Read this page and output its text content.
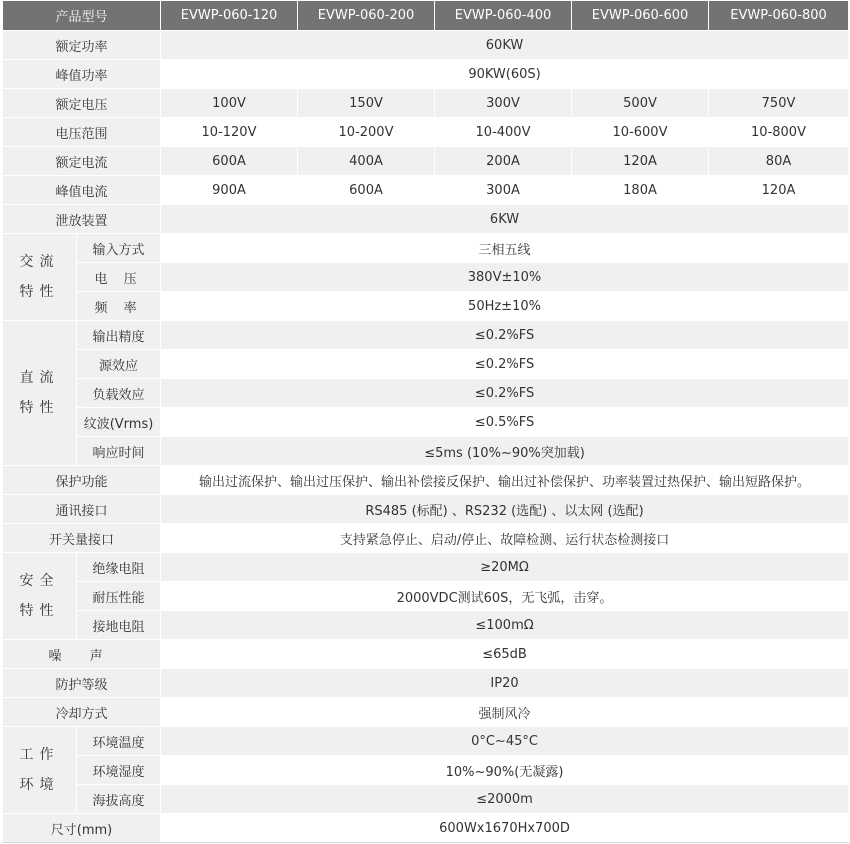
产品型号		EVWP-060-120	EVWP-060-200	EVWP-060-400	EVWP-060-600	EVWP-060-800
额定功率		60KW				
峰值功率		90KW(60S)				
额定电压		100V	150V	300V	500V	750V
电压范围		10-120V	10-200V	10-400V	10-600V	10-800V
额定电流		600A	400A	200A	120A	80A
峰值电流		900A	600A	300A	180A	120A
泄放装置		6KW				
交流
特性	输入方式	三相五线				
	电 压	380V±10%				
	频 率	50Hz±10%				
直流
特性	输出精度	≤0.2%FS				
	源效应	≤0.2%FS				
	负载效应	≤0.2%FS				
	纹波(Vrms)	≤0.5%FS				
	响应时间	≤5ms (10%~90%突加载)				
保护功能		输出过流保护、输出过压保护、输出补偿接反保护、输出过补偿保护、功率装置过热保护、输出短路保护。				
通讯接口		RS485 (标配) 、RS232 (选配) 、以太网 (选配)				
开关量接口		支持紧急停止、启动/停止、故障检测、运行状态检测接口				
安全
特性	绝缘电阻	≥20MΩ				
	耐压性能	2000VDC测试60S，无飞弧，击穿。				
	接地电阻	≤100mΩ				
噪 声		≤65dB				
防护等级		IP20				
冷却方式		强制风冷				
工作
环境	环境温度	0°C~45°C				
	环境湿度	10%~90%(无凝露)				
	海拔高度	≤2000m				
尺寸(mm)		600Wx1670Hx700D				
